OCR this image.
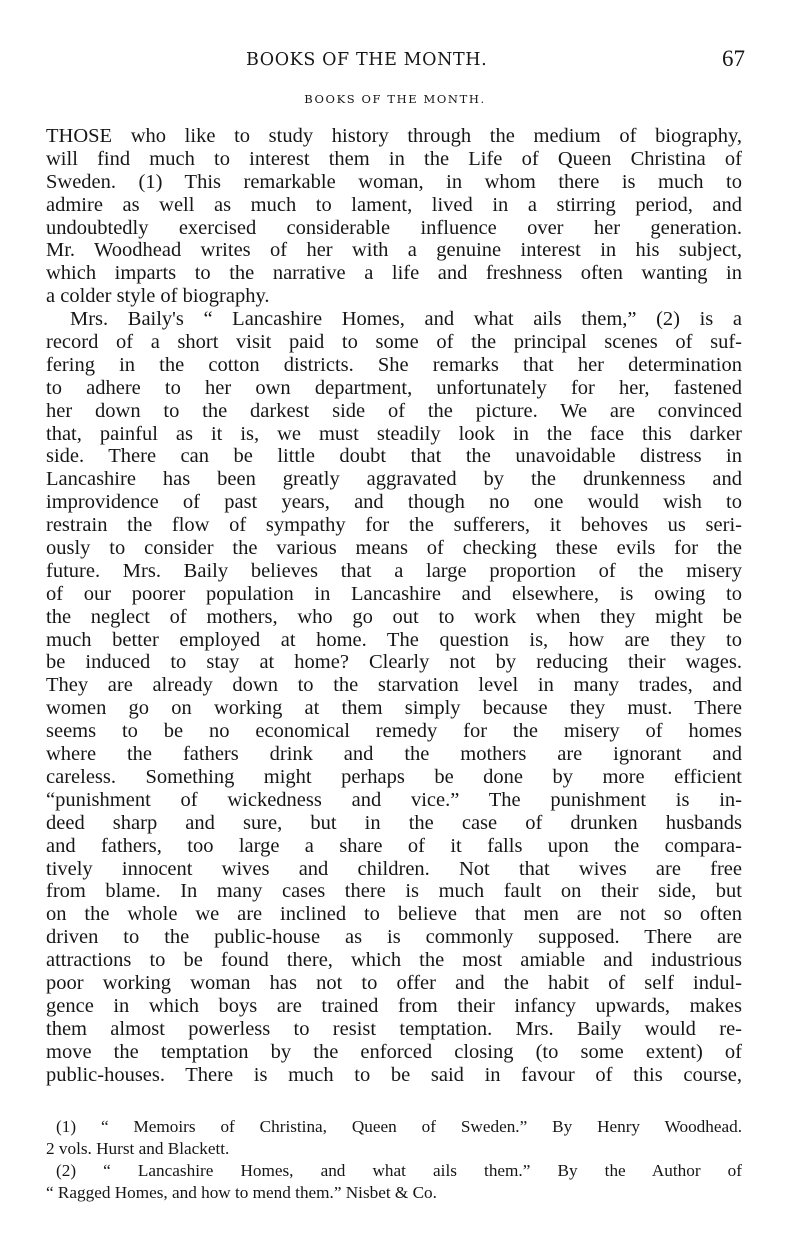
BOOKS OF THE MONTH.	67
BOOKS OF THE MONTH.
THOSE who like to study history through the medium of biography,
will find much to interest them in the Life of Queen Christina of
Sweden. (1) This remarkable woman, in whom there is much to
admire as well as much to lament, lived in a stirring period, and
undoubtedly exercised considerable influence over her generation.
Mr. Woodhead writes of her with a genuine interest in his subject,
which imparts to the narrative a life and freshness often wanting in
a colder style of biography.
Mrs. Baily's “ Lancashire Homes, and what ails them,” (2) is a
record of a short visit paid to some of the principal scenes of suf-
fering in the cotton districts. She remarks that her determination
to adhere to her own department, unfortunately for her, fastened
her down to the darkest side of the picture. We are convinced
that, painful as it is, we must steadily look in the face this darker
side. There can be little doubt that the unavoidable distress in
Lancashire has been greatly aggravated by the drunkenness and
improvidence of past years, and though no one would wish to
restrain the flow of sympathy for the sufferers, it behoves us seri-
ously to consider the various means of checking these evils for the
future. Mrs. Baily believes that a large proportion of the misery
of our poorer population in Lancashire and elsewhere, is owing to
the neglect of mothers, who go out to work when they might be
much better employed at home. The question is, how are they to
be induced to stay at home? Clearly not by reducing their wages.
They are already down to the starvation level in many trades, and
women go on working at them simply because they must. There
seems to be no economical remedy for the misery of homes
where the fathers drink and the mothers are ignorant and
careless. Something might perhaps be done by more efficient
“punishment of wickedness and vice.” The punishment is in-
deed sharp and sure, but in the case of drunken husbands
and fathers, too large a share of it falls upon the compara-
tively innocent wives and children. Not that wives are free
from blame. In many cases there is much fault on their side, but
on the whole we are inclined to believe that men are not so often
driven to the public-house as is commonly supposed. There are
attractions to be found there, which the most amiable and industrious
poor working woman has not to offer and the habit of self indul-
gence in which boys are trained from their infancy upwards, makes
them almost powerless to resist temptation. Mrs. Baily would re-
move the temptation by the enforced closing (to some extent) of
public-houses. There is much to be said in favour of this course,
(1) “ Memoirs of Christina, Queen of Sweden.” By Henry Woodhead.
2 vols. Hurst and Blackett.
(2) “ Lancashire Homes, and what ails them.” By the Author of
“ Ragged Homes, and how to mend them.” Nisbet & Co.
